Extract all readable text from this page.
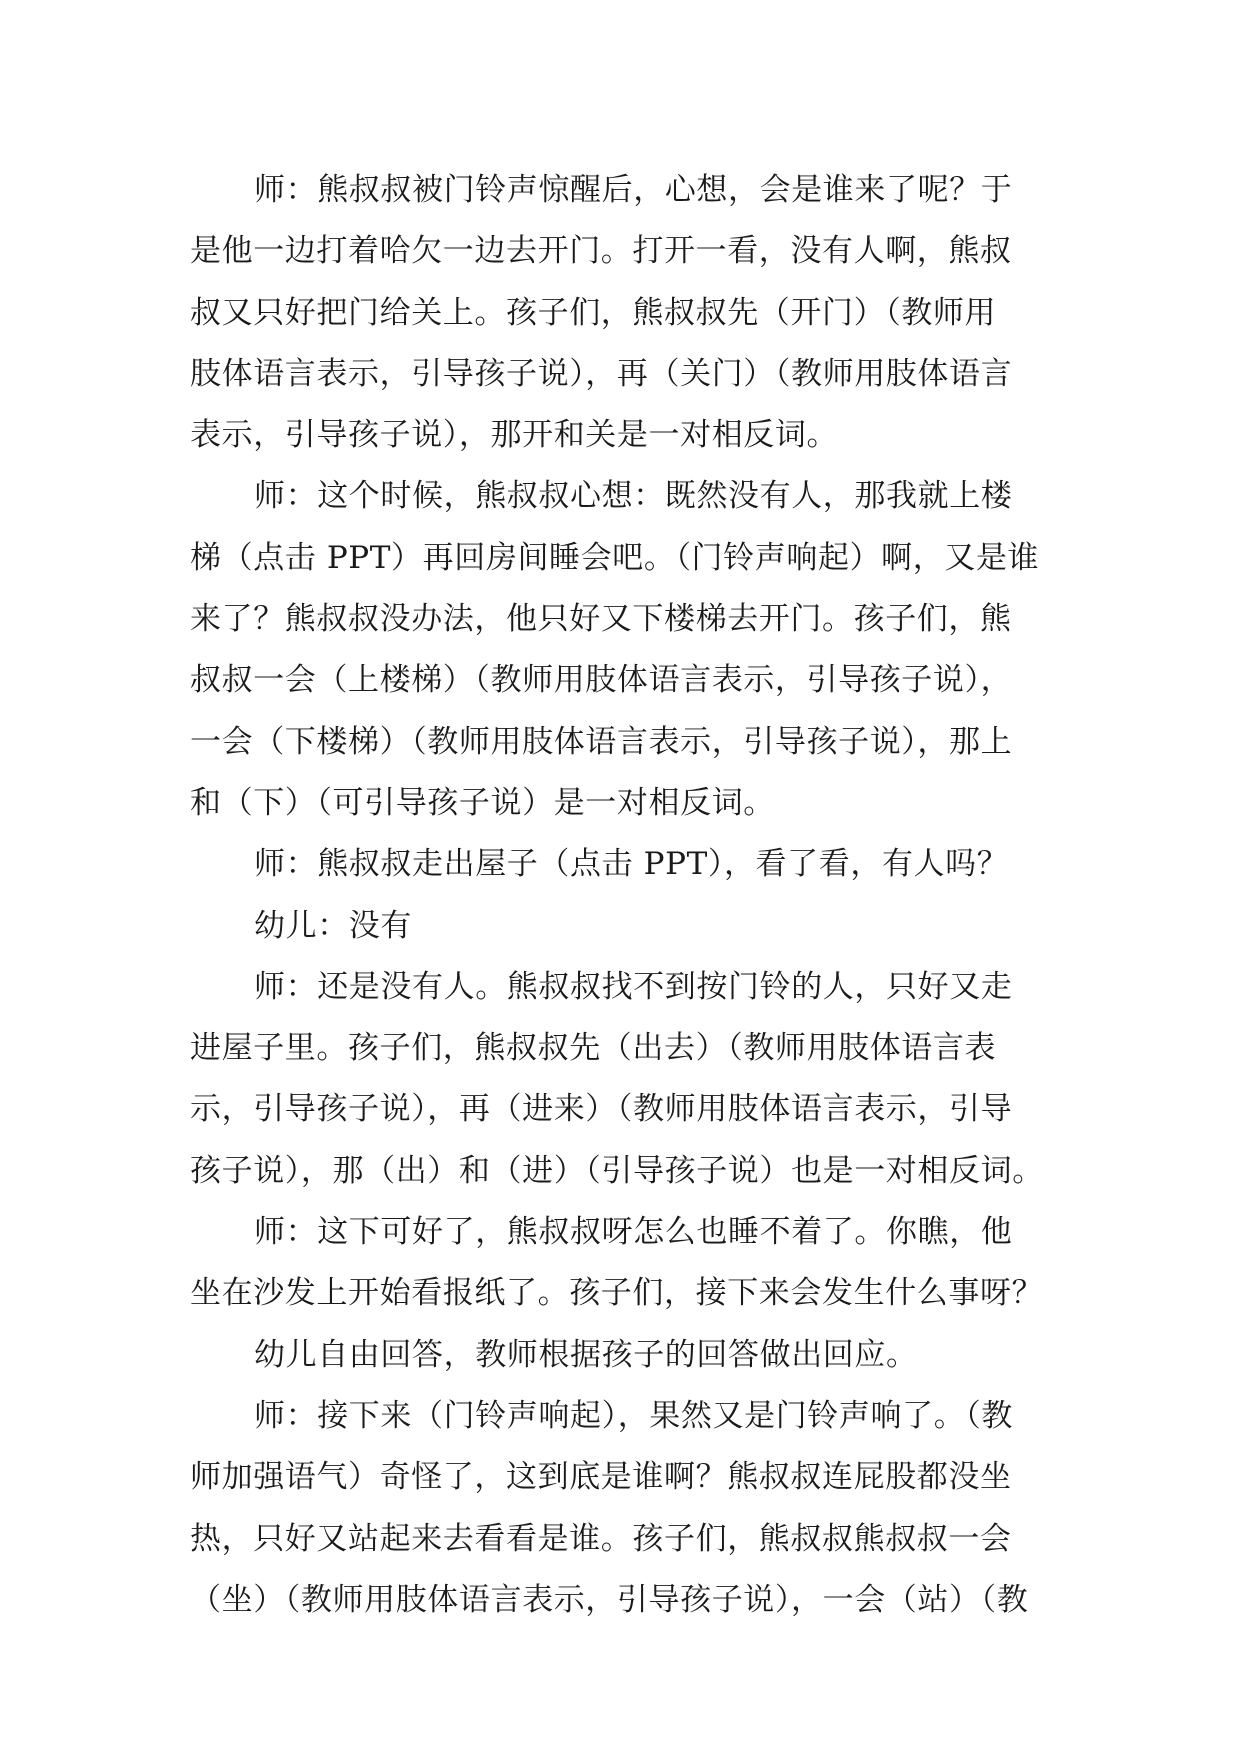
师：熊叔叔被门铃声惊醒后，心想，会是谁来了呢？于
是他一边打着哈欠一边去开门。打开一看，没有人啊，熊叔
叔又只好把门给关上。孩子们，熊叔叔先（开门）（教师用
肢体语言表示，引导孩子说），再（关门）（教师用肢体语言
表示，引导孩子说），那开和关是一对相反词。
师：这个时候，熊叔叔心想：既然没有人，那我就上楼
梯（点击 PPT）再回房间睡会吧。（门铃声响起）啊，又是谁
来了？熊叔叔没办法，他只好又下楼梯去开门。孩子们，熊
叔叔一会（上楼梯）（教师用肢体语言表示，引导孩子说），
一会（下楼梯）（教师用肢体语言表示，引导孩子说），那上
和（下）（可引导孩子说）是一对相反词。
师：熊叔叔走出屋子（点击 PPT），看了看，有人吗？
幼儿：没有
师：还是没有人。熊叔叔找不到按门铃的人，只好又走
进屋子里。孩子们，熊叔叔先（出去）（教师用肢体语言表
示，引导孩子说），再（进来）（教师用肢体语言表示，引导
孩子说），那（出）和（进）（引导孩子说）也是一对相反词。
师：这下可好了，熊叔叔呀怎么也睡不着了。你瞧，他
坐在沙发上开始看报纸了。孩子们，接下来会发生什么事呀？
幼儿自由回答，教师根据孩子的回答做出回应。
师：接下来（门铃声响起），果然又是门铃声响了。（教
师加强语气）奇怪了，这到底是谁啊？熊叔叔连屁股都没坐
热，只好又站起来去看看是谁。孩子们，熊叔叔熊叔叔一会
（坐）（教师用肢体语言表示，引导孩子说），一会（站）（教
